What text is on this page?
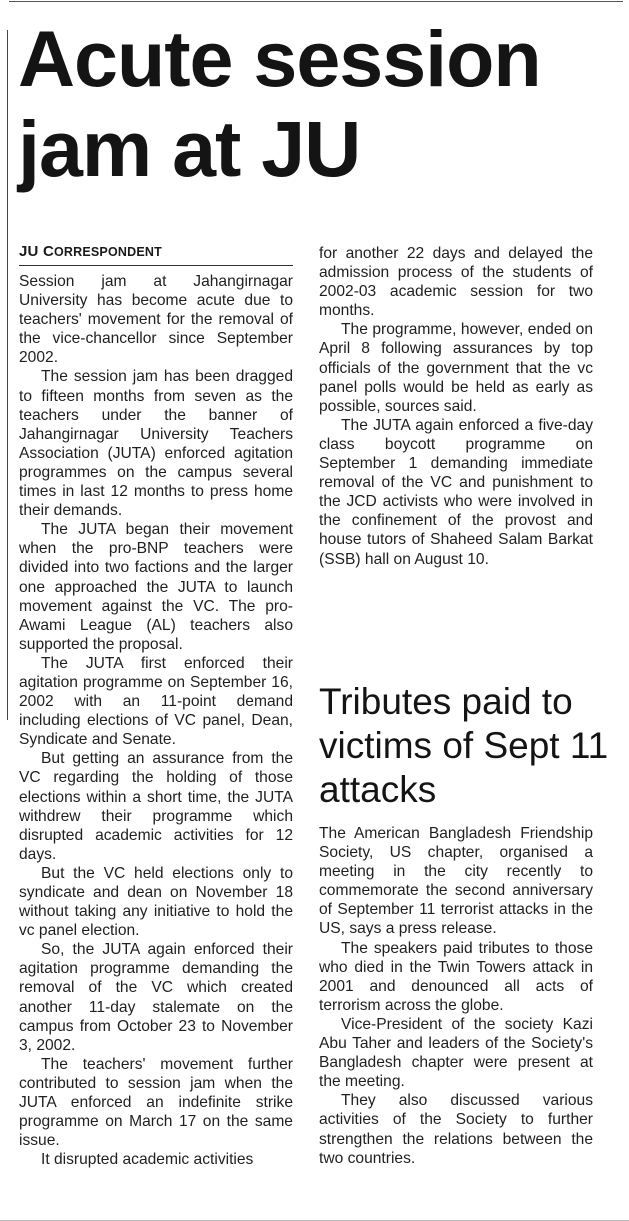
Acute session jam at JU
JU CORRESPONDENT

Session jam at Jahangirnagar University has become acute due to teachers' movement for the removal of the vice-chancellor since September 2002.

The session jam has been dragged to fifteen months from seven as the teachers under the banner of Jahangirnagar University Teachers Association (JUTA) enforced agitation programmes on the campus several times in last 12 months to press home their demands.

The JUTA began their movement when the pro-BNP teachers were divided into two factions and the larger one approached the JUTA to launch movement against the VC. The pro-Awami League (AL) teachers also supported the proposal.

The JUTA first enforced their agitation programme on September 16, 2002 with an 11-point demand including elections of VC panel, Dean, Syndicate and Senate.

But getting an assurance from the VC regarding the holding of those elections within a short time, the JUTA withdrew their programme which disrupted academic activities for 12 days.

But the VC held elections only to syndicate and dean on November 18 without taking any initiative to hold the vc panel election.

So, the JUTA again enforced their agitation programme demanding the removal of the VC which created another 11-day stalemate on the campus from October 23 to November 3, 2002.

The teachers' movement further contributed to session jam when the JUTA enforced an indefinite strike programme on March 17 on the same issue.

It disrupted academic activities

for another 22 days and delayed the admission process of the students of 2002-03 academic session for two months.

The programme, however, ended on April 8 following assurances by top officials of the government that the vc panel polls would be held as early as possible, sources said.

The JUTA again enforced a five-day class boycott programme on September 1 demanding immediate removal of the VC and punishment to the JCD activists who were involved in the confinement of the provost and house tutors of Shaheed Salam Barkat (SSB) hall on August 10.

Tributes paid to victims of Sept 11 attacks

The American Bangladesh Friendship Society, US chapter, organised a meeting in the city recently to commemorate the second anniversary of September 11 terrorist attacks in the US, says a press release.

The speakers paid tributes to those who died in the Twin Towers attack in 2001 and denounced all acts of terrorism across the globe.

Vice-President of the society Kazi Abu Taher and leaders of the Society's Bangladesh chapter were present at the meeting.

They also discussed various activities of the Society to further strengthen the relations between the two countries.
